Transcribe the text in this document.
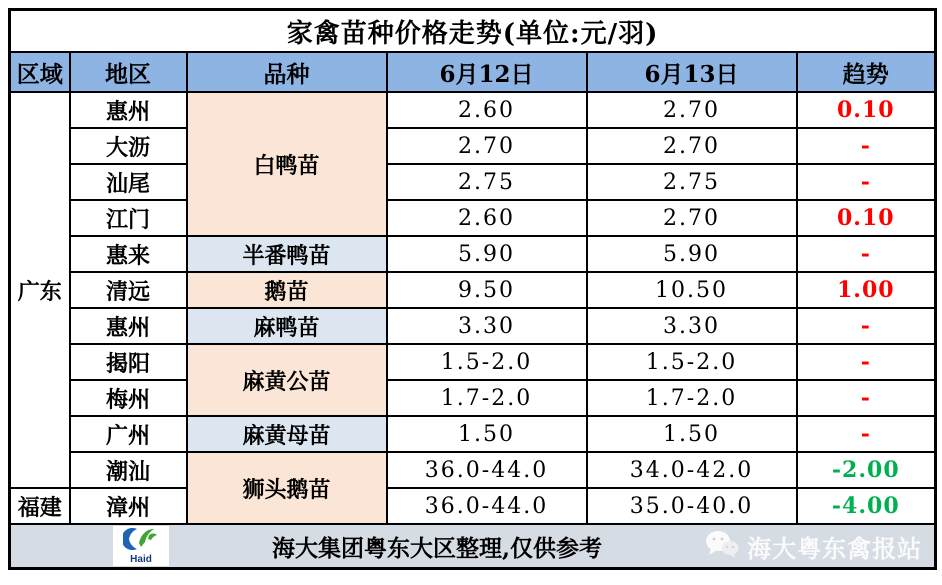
家禽苗种价格走势(单位:元/羽)					
区域	地区	品种	6月12日	6月13日	趋势
广东	惠州	白鸭苗	2.60	2.70	0.10
	大沥		2.70	2.70	-
	汕尾		2.75	2.75	-
	江门		2.60	2.70	0.10
	惠来	半番鸭苗	5.90	5.90	-
	清远	鹅苗	9.50	10.50	1.00
	惠州	麻鸭苗	3.30	3.30	-
	揭阳	麻黄公苗	1.5-2.0	1.5-2.0	-
	梅州		1.7-2.0	1.7-2.0	-
	广州	麻黄母苗	1.50	1.50	-
	潮汕	狮头鹅苗	36.0-44.0	34.0-42.0	-2.00
福建	漳州		36.0-44.0	35.0-40.0	-4.00

Haid 海大集团粤东大区整理,仅供参考 海大粤东禽报站					
